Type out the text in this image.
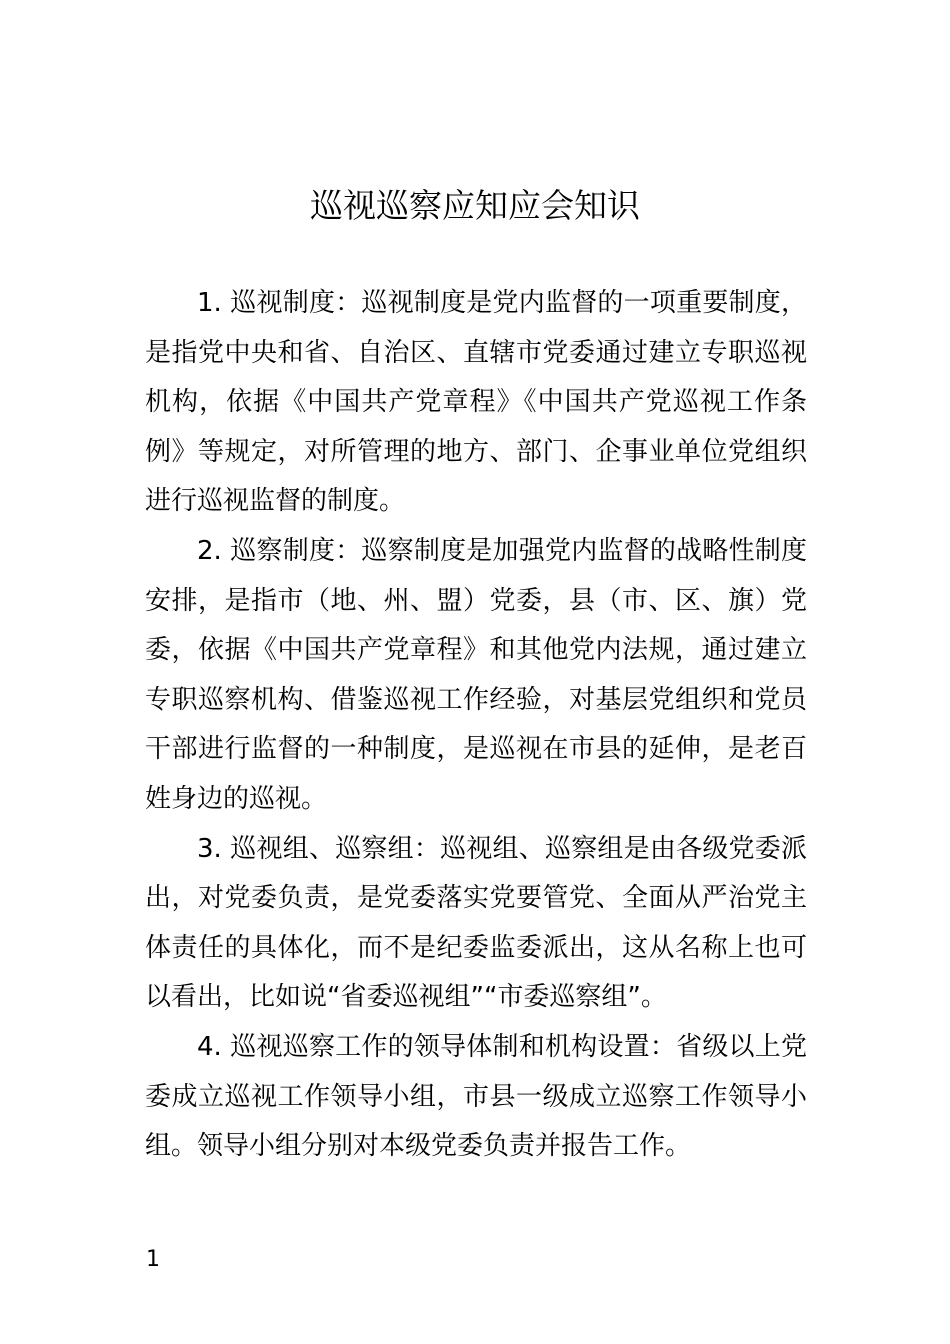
巡视巡察应知应会知识

1. 巡视制度：巡视制度是党内监督的一项重要制度，是指党中央和省、自治区、直辖市党委通过建立专职巡视机构，依据《中国共产党章程》《中国共产党巡视工作条例》等规定，对所管理的地方、部门、企事业单位党组织进行巡视监督的制度。

2. 巡察制度：巡察制度是加强党内监督的战略性制度安排，是指市（地、州、盟）党委，县（市、区、旗）党委，依据《中国共产党章程》和其他党内法规，通过建立专职巡察机构、借鉴巡视工作经验，对基层党组织和党员干部进行监督的一种制度，是巡视在市县的延伸，是老百姓身边的巡视。

3. 巡视组、巡察组：巡视组、巡察组是由各级党委派出，对党委负责，是党委落实党要管党、全面从严治党主体责任的具体化，而不是纪委监委派出，这从名称上也可以看出，比如说“省委巡视组”“市委巡察组”。

4. 巡视巡察工作的领导体制和机构设置：省级以上党委成立巡视工作领导小组，市县一级成立巡察工作领导小组。领导小组分别对本级党委负责并报告工作。

1
